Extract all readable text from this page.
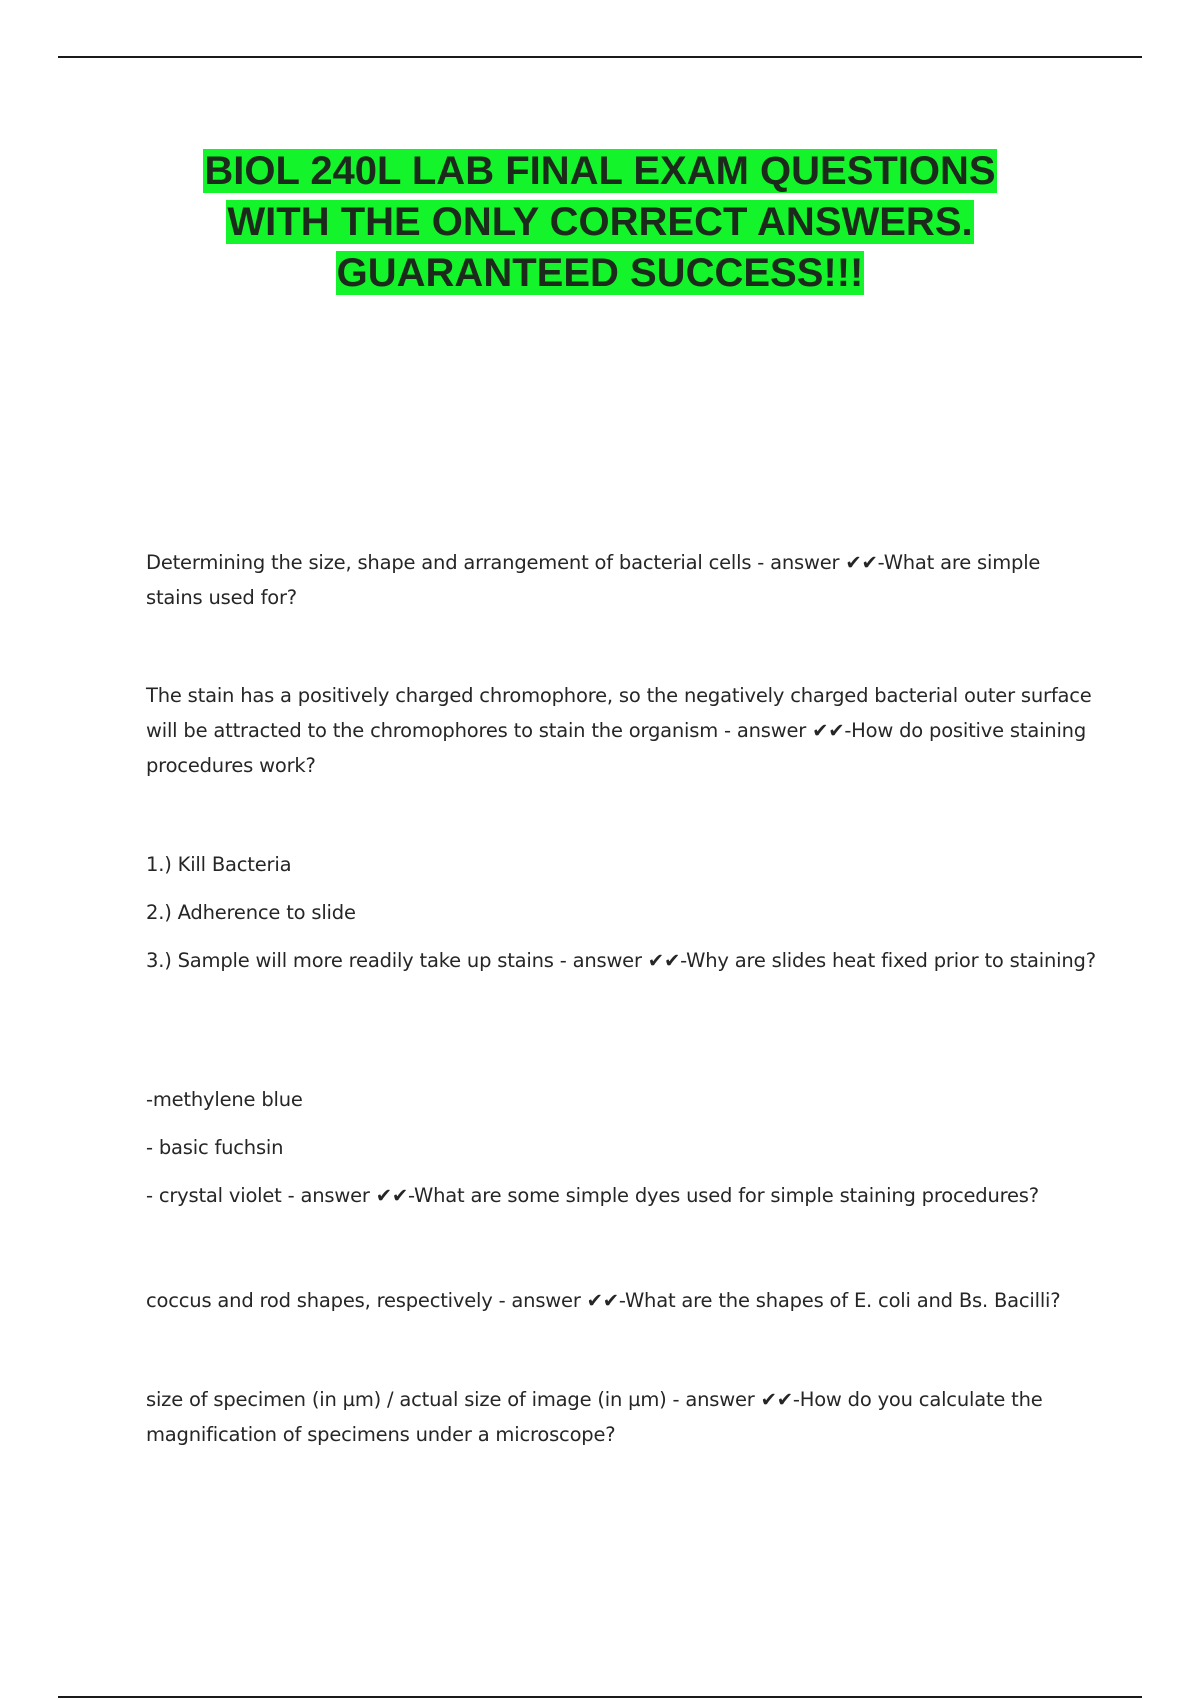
BIOL 240L LAB FINAL EXAM QUESTIONS
WITH THE ONLY CORRECT ANSWERS.
GUARANTEED SUCCESS!!!

Determining the size, shape and arrangement of bacterial cells - answer ✔✔-What are simple stains used for?

The stain has a positively charged chromophore, so the negatively charged bacterial outer surface will be attracted to the chromophores to stain the organism - answer ✔✔-How do positive staining procedures work?

1.) Kill Bacteria

2.) Adherence to slide

3.) Sample will more readily take up stains - answer ✔✔-Why are slides heat fixed prior to staining?

-methylene blue

- basic fuchsin

- crystal violet - answer ✔✔-What are some simple dyes used for simple staining procedures?

coccus and rod shapes, respectively - answer ✔✔-What are the shapes of E. coli and Bs. Bacilli?

size of specimen (in µm) / actual size of image (in µm) - answer ✔✔-How do you calculate the magnification of specimens under a microscope?
